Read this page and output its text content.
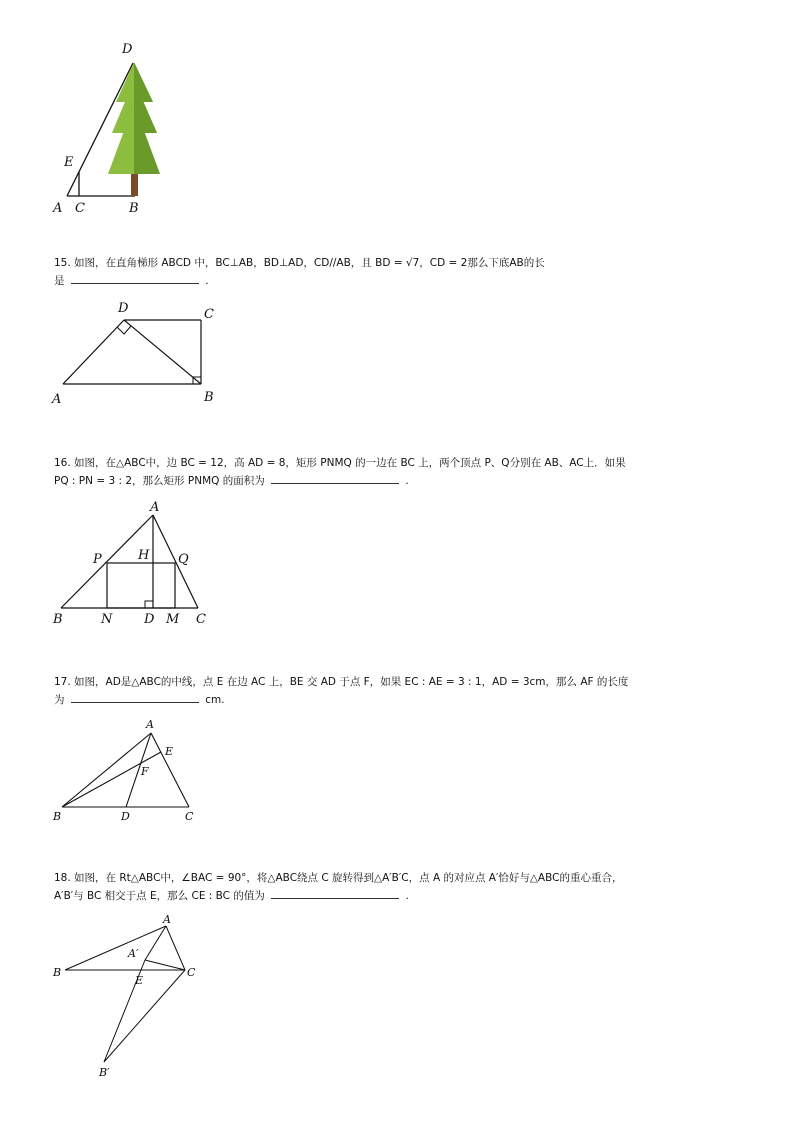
D
E
A C	B
D	C
A	B
A
P	H Q
B	N D M C
A
E
F
B	D	C
A
A′
B
E
C
B′
15. 如图，在直角梯形 ABCD 中，BC⊥AB，BD⊥AD，CD//AB，且 BD = √7，CD = 2那么下底AB的长
是	.
16. 如图，在△ABC中，边 BC = 12，高 AD = 8，矩形 PNMQ 的一边在 BC 上，两个顶点 P、Q分别在 AB、AC上．如果
PQ : PN = 3 : 2，那么矩形 PNMQ 的面积为	.
17. 如图，AD是△ABC的中线，点 E 在边 AC 上，BE 交 AD 于点 F，如果 EC : AE = 3 : 1，AD = 3cm，那么 AF 的长度
为	cm.
18. 如图，在 Rt△ABC中，∠BAC = 90°，将△ABC绕点 C 旋转得到△A′B′C，点 A 的对应点 A′恰好与△ABC的重心重合，
A′B′与 BC 相交于点 E，那么 CE : BC 的值为	.
